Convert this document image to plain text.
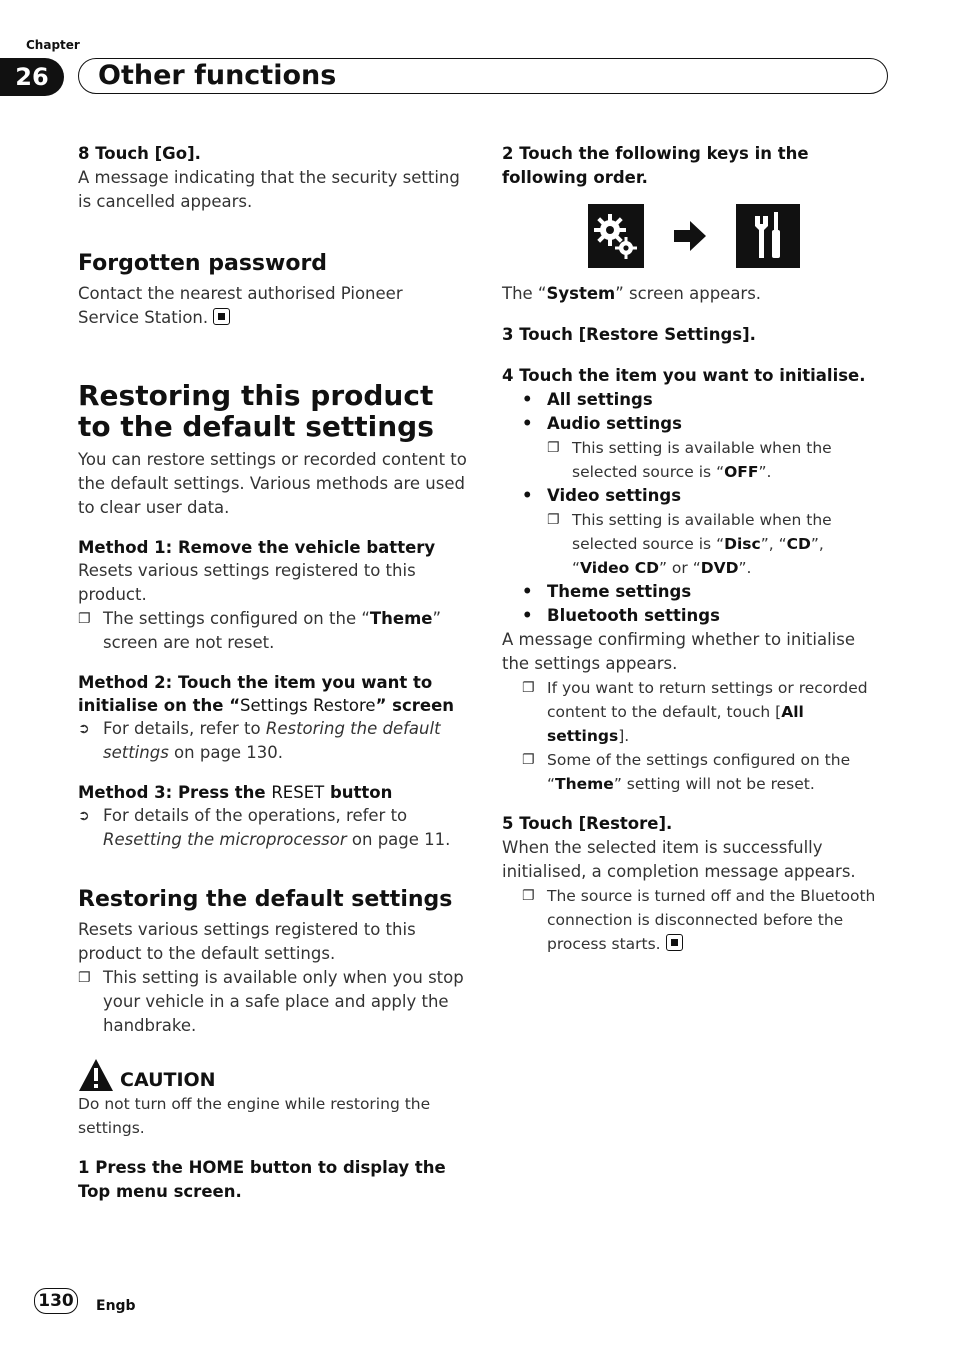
Chapter
26	Other functions

8 Touch [Go].

A message indicating that the security setting is cancelled appears.

Forgotten password

Contact the nearest authorised Pioneer Service Station.

Restoring this product to the default settings

You can restore settings or recorded content to the default settings. Various methods are used to clear user data.

Method 1: Remove the vehicle battery

Resets various settings registered to this product.

❐ The settings configured on the “Theme” screen are not reset.

Method 2: Touch the item you want to initialise on the “Settings Restore” screen

➲ For details, refer to Restoring the default settings on page 130.

Method 3: Press the RESET button

➲ For details of the operations, refer to Resetting the microprocessor on page 11.

Restoring the default settings

Resets various settings registered to this product to the default settings.

❐ This setting is available only when you stop your vehicle in a safe place and apply the handbrake.
CAUTION

Do not turn off the engine while restoring the settings.

1 Press the HOME button to display the Top menu screen.

2 Touch the following keys in the following order.

The “System” screen appears.

3 Touch [Restore Settings].

4 Touch the item you want to initialise.

• All settings
• Audio settings
❐ This setting is available when the selected source is “OFF”.
• Video settings
❐ This setting is available when the selected source is “Disc”, “CD”, “Video CD” or “DVD”.
• Theme settings
• Bluetooth settings

A message confirming whether to initialise the settings appears.

❐ If you want to return settings or recorded content to the default, touch [All settings].
❐ Some of the settings configured on the “Theme” setting will not be reset.

5 Touch [Restore].

When the selected item is successfully initialised, a completion message appears.

❐ The source is turned off and the Bluetooth connection is disconnected before the process starts.
130	Engb
